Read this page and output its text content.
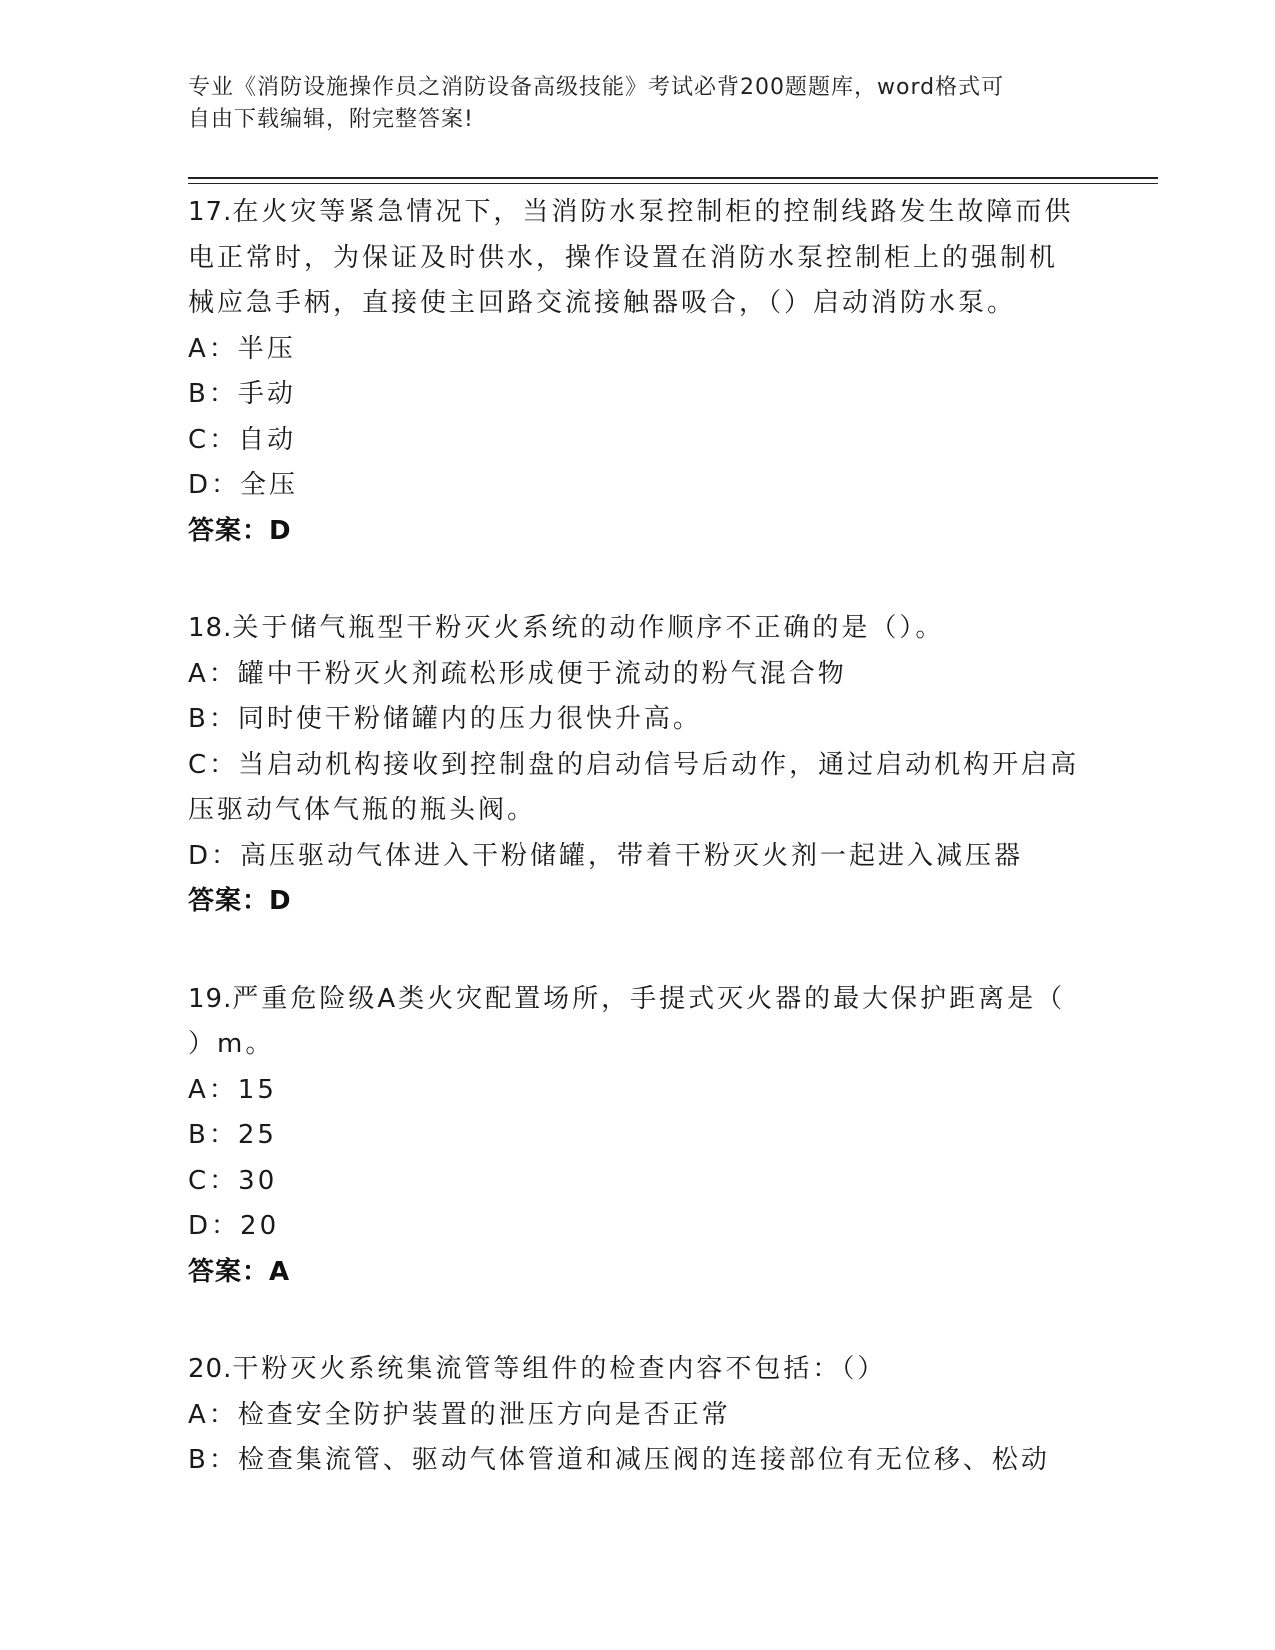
专业《消防设施操作员之消防设备高级技能》考试必背200题题库，word格式可
自由下载编辑，附完整答案!

17.在火灾等紧急情况下，当消防水泵控制柜的控制线路发生故障而供

电正常时，为保证及时供水，操作设置在消防水泵控制柜上的强制机

械应急手柄，直接使主回路交流接触器吸合，（）启动消防水泵。

A：半压

B：手动

C：自动

D：全压

答案：D

18.关于储气瓶型干粉灭火系统的动作顺序不正确的是（）。

A：罐中干粉灭火剂疏松形成便于流动的粉气混合物

B：同时使干粉储罐内的压力很快升高。

C：当启动机构接收到控制盘的启动信号后动作，通过启动机构开启高

压驱动气体气瓶的瓶头阀。

D：高压驱动气体进入干粉储罐，带着干粉灭火剂一起进入减压器

答案：D

19.严重危险级A类火灾配置场所，手提式灭火器的最大保护距离是（

）m。

A：15

B：25

C：30

D：20

答案：A

20.干粉灭火系统集流管等组件的检查内容不包括：（）

A：检查安全防护装置的泄压方向是否正常

B：检查集流管、驱动气体管道和减压阀的连接部位有无位移、松动
